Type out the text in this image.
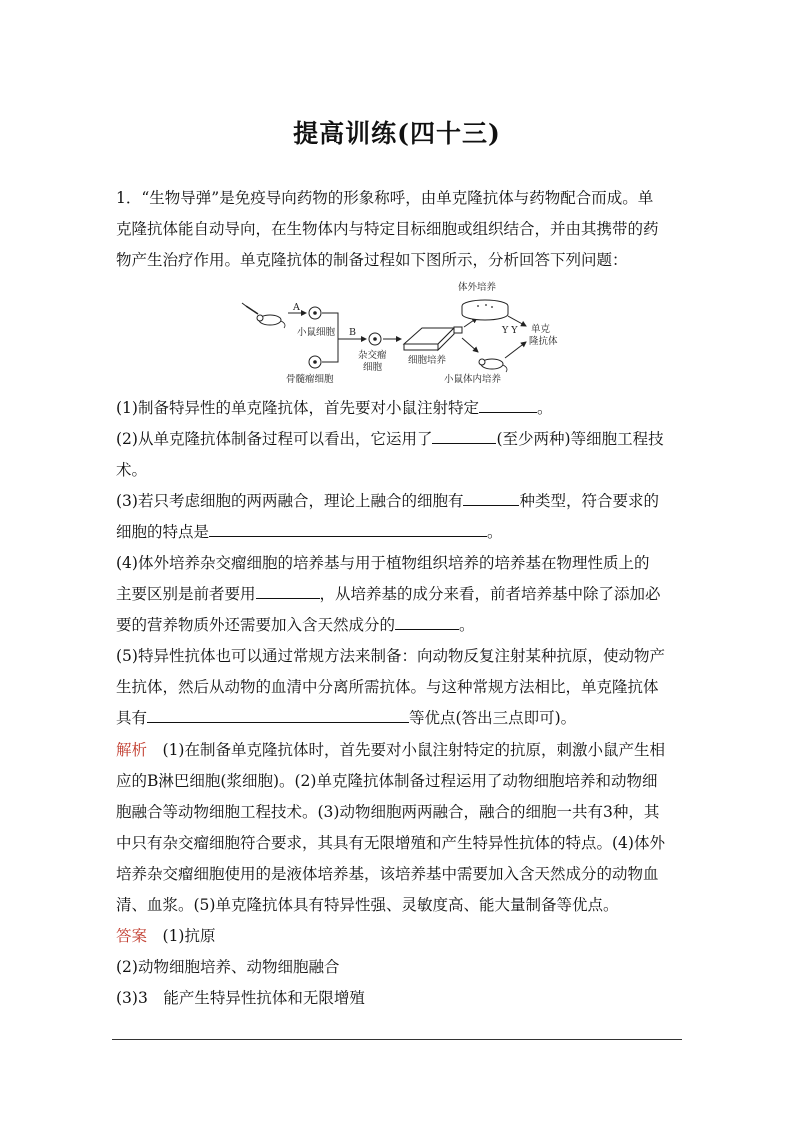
提高训练(四十三)
1．“生物导弹”是免疫导向药物的形象称呼，由单克隆抗体与药物配合而成。单
克隆抗体能自动导向，在生物体内与特定目标细胞或组织结合，并由其携带的药
物产生治疗作用。单克隆抗体的制备过程如下图所示，分析回答下列问题：
A
小鼠细胞
骨髓瘤细胞
B
杂交瘤
细胞
细胞培养
体外培养
小鼠体内培养
Y Y 单克
隆抗体
(1)制备特异性的单克隆抗体，首先要对小鼠注射特定	。
(2)从单克隆抗体制备过程可以看出，它运用了	(至少两种)等细胞工程技
术。
(3)若只考虑细胞的两两融合，理论上融合的细胞有	种类型，符合要求的
细胞的特点是	。
(4)体外培养杂交瘤细胞的培养基与用于植物组织培养的培养基在物理性质上的
主要区别是前者要用	，从培养基的成分来看，前者培养基中除了添加必
要的营养物质外还需要加入含天然成分的	。
(5)特异性抗体也可以通过常规方法来制备：向动物反复注射某种抗原，使动物产
生抗体，然后从动物的血清中分离所需抗体。与这种常规方法相比，单克隆抗体
具有	等优点(答出三点即可)。
解析　(1)在制备单克隆抗体时，首先要对小鼠注射特定的抗原，刺激小鼠产生相
应的B淋巴细胞(浆细胞)。(2)单克隆抗体制备过程运用了动物细胞培养和动物细
胞融合等动物细胞工程技术。(3)动物细胞两两融合，融合的细胞一共有3种，其
中只有杂交瘤细胞符合要求，其具有无限增殖和产生特异性抗体的特点。(4)体外
培养杂交瘤细胞使用的是液体培养基，该培养基中需要加入含天然成分的动物血
清、血浆。(5)单克隆抗体具有特异性强、灵敏度高、能大量制备等优点。
答案　(1)抗原
(2)动物细胞培养、动物细胞融合
(3)3　能产生特异性抗体和无限增殖
